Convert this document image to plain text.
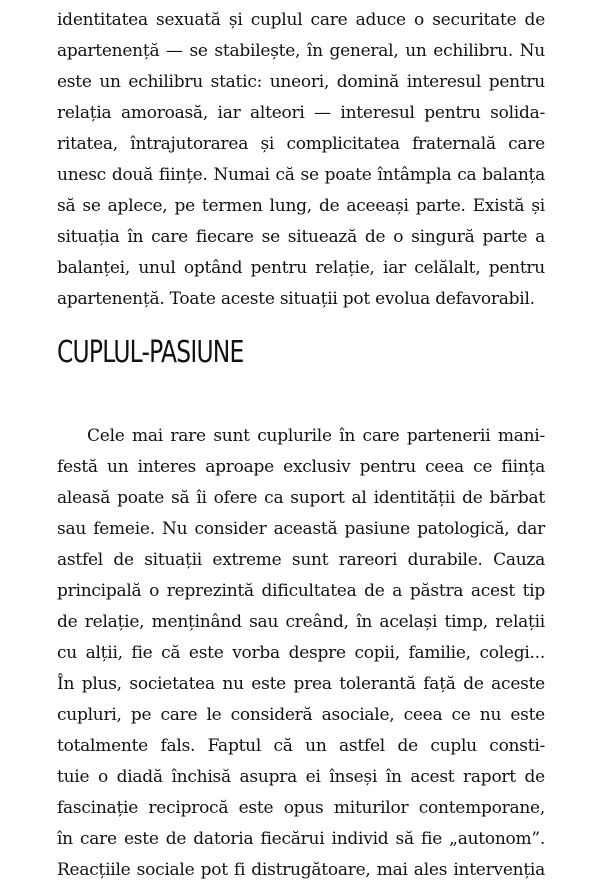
identitatea sexuată și cuplul care aduce o securitate de
apartenență — se stabilește, în general, un echilibru. Nu
este un echilibru static: uneori, domină interesul pentru
relația amoroasă, iar alteori — interesul pentru solida-
ritatea, întrajutorarea și complicitatea fraternală care
unesc două ființe. Numai că se poate întâmpla ca balanța
să se aplece, pe termen lung, de aceeași parte. Există și
situația în care fiecare se situează de o singură parte a
balanței, unul optând pentru relație, iar celălalt, pentru
apartenență. Toate aceste situații pot evolua defavorabil.
CUPLUL-PASIUNE
Cele mai rare sunt cuplurile în care partenerii mani-
festă un interes aproape exclusiv pentru ceea ce ființa
aleasă poate să îi ofere ca suport al identității de bărbat
sau femeie. Nu consider această pasiune patologică, dar
astfel de situații extreme sunt rareori durabile. Cauza
principală o reprezintă dificultatea de a păstra acest tip
de relație, menținând sau creând, în același timp, relații
cu alții, fie că este vorba despre copii, familie, colegi...
În plus, societatea nu este prea tolerantă față de aceste
cupluri, pe care le consideră asociale, ceea ce nu este
totalmente fals. Faptul că un astfel de cuplu consti-
tuie o diadă închisă asupra ei înseși în acest raport de
fascinație reciprocă este opus miturilor contemporane,
în care este de datoria fiecărui individ să fie „autonom”.
Reacțiile sociale pot fi distrugătoare, mai ales intervenția
